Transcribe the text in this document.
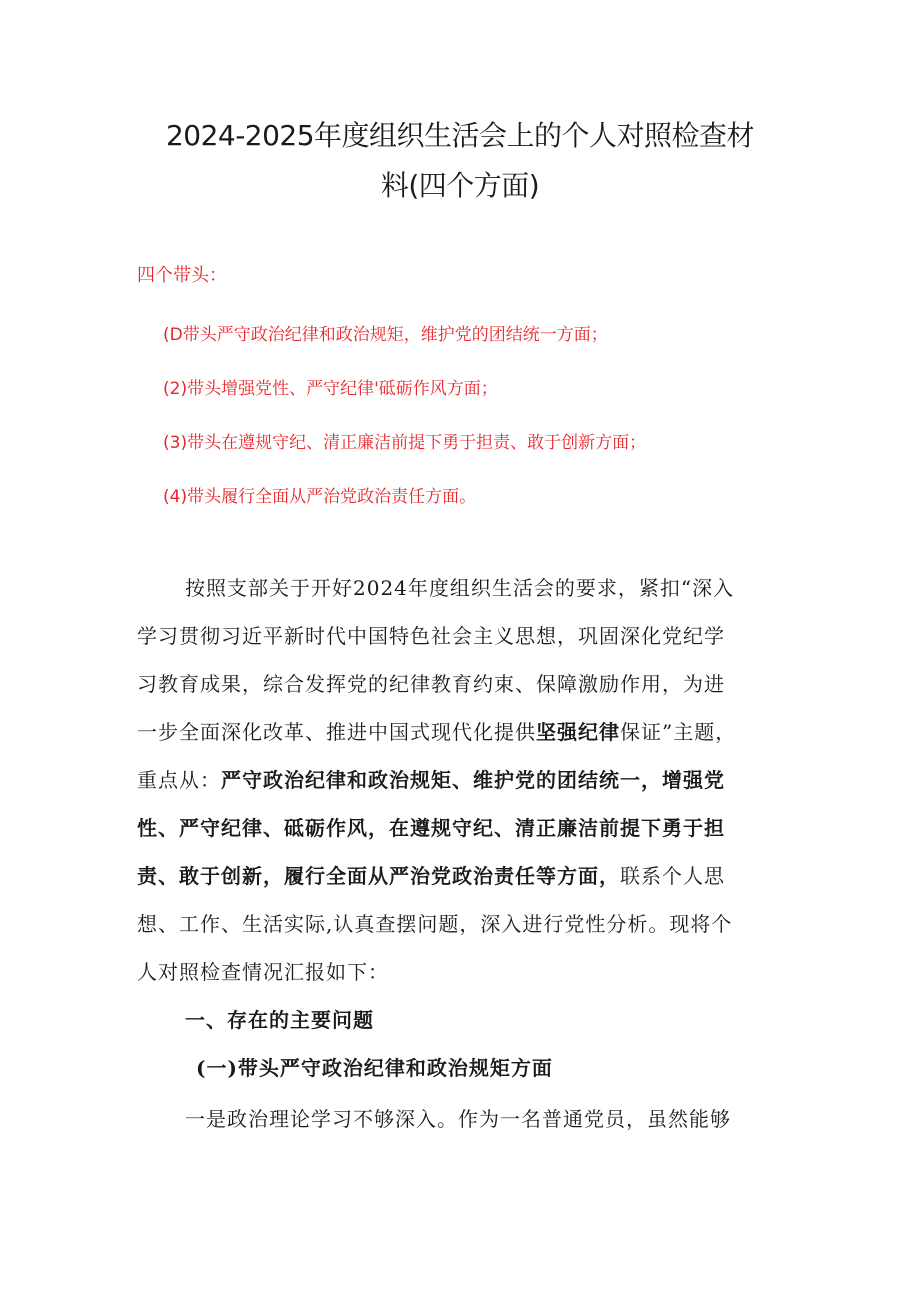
2024-2025年度组织生活会上的个人对照检查材
料(四个方面)
四个带头：
(D带头严守政治纪律和政治规矩，维护党的团结统一方面；
(2)带头增强党性、严守纪律'砥砺作风方面；
(3)带头在遵规守纪、清正廉洁前提下勇于担责、敢于创新方面；
(4)带头履行全面从严治党政治责任方面。
按照支部关于开好2024年度组织生活会的要求，紧扣“深入
学习贯彻习近平新时代中国特色社会主义思想，巩固深化党纪学
习教育成果，综合发挥党的纪律教育约束、保障激励作用，为进
一步全面深化改革、推进中国式现代化提供坚强纪律保证”主题，
重点从：严守政治纪律和政治规矩、维护党的团结统一，增强党
性、严守纪律、砥砺作风，在遵规守纪、清正廉洁前提下勇于担
责、敢于创新，履行全面从严治党政治责任等方面，联系个人思
想、工作、生活实际,认真查摆问题，深入进行党性分析。现将个
人对照检查情况汇报如下：
一、存在的主要问题
(一)带头严守政治纪律和政治规矩方面
一是政治理论学习不够深入。作为一名普通党员，虽然能够
